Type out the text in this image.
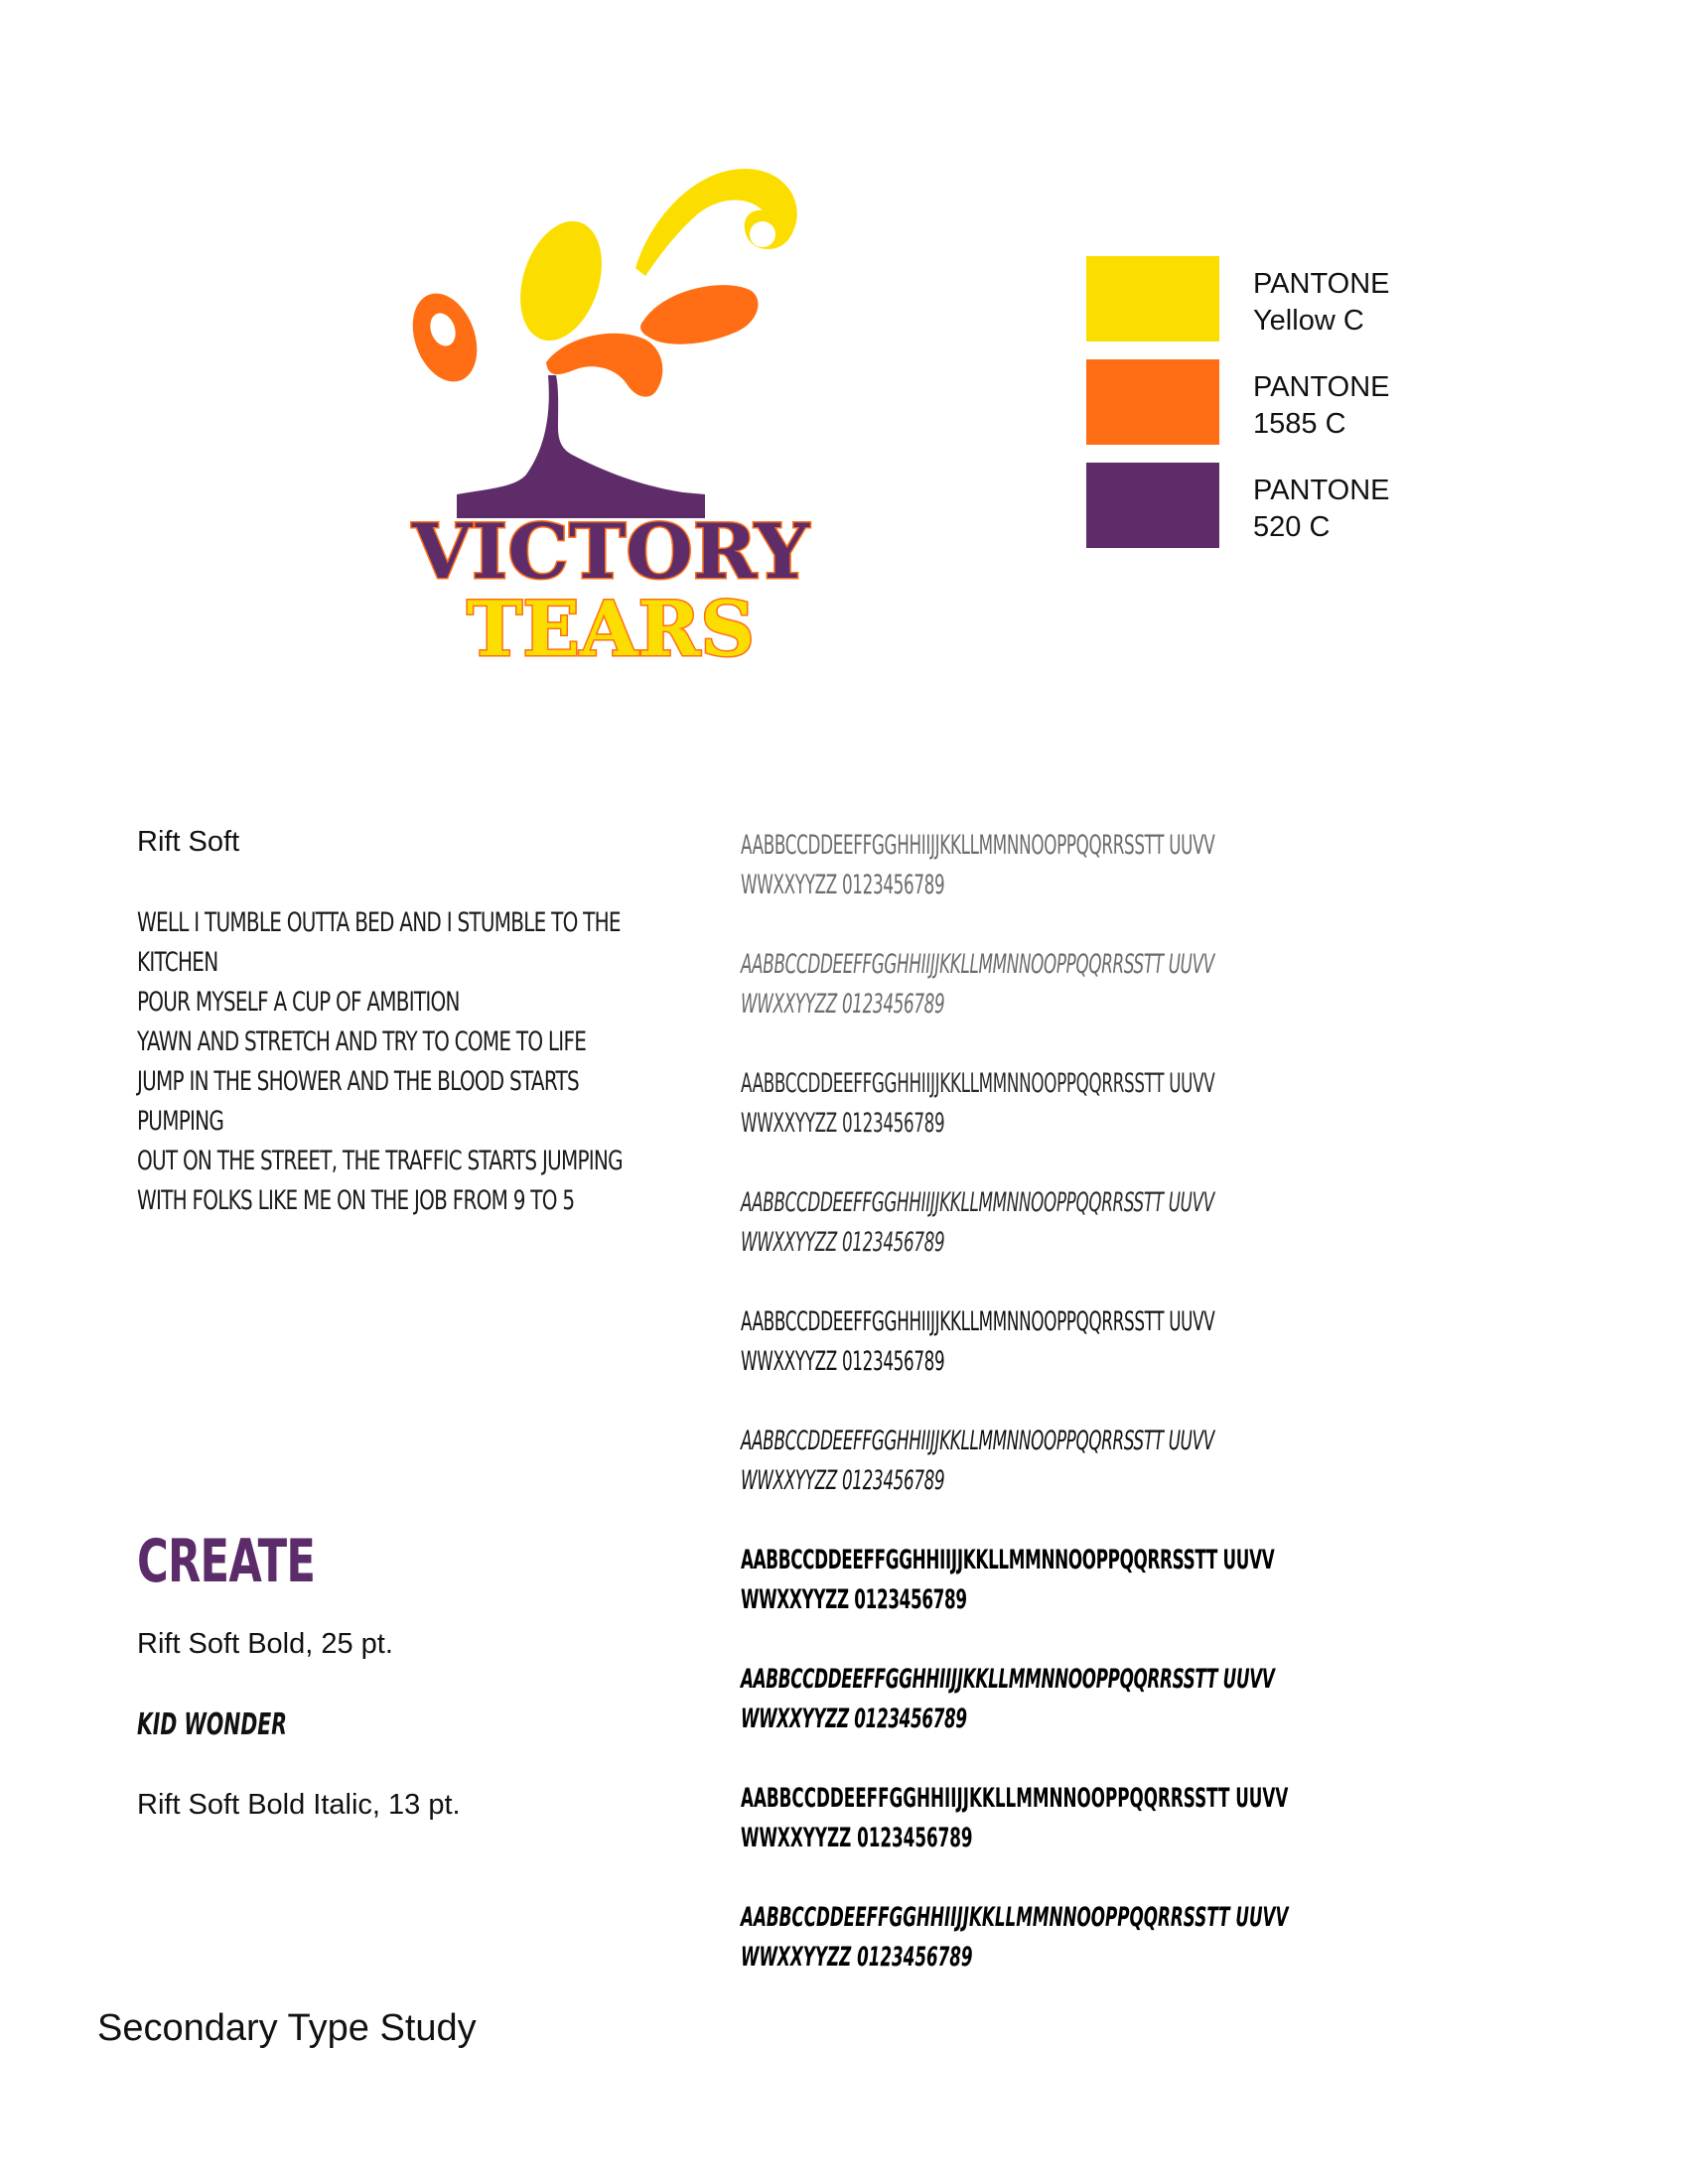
VICTORY
TEARS
PANTONE
Yellow C
PANTONE
1585 C
PANTONE
520 C
Rift Soft
WELL I TUMBLE OUTTA BED AND I STUMBLE TO THE
KITCHEN
POUR MYSELF A CUP OF AMBITION
YAWN AND STRETCH AND TRY TO COME TO LIFE
JUMP IN THE SHOWER AND THE BLOOD STARTS
PUMPING
OUT ON THE STREET, THE TRAFFIC STARTS JUMPING
WITH FOLKS LIKE ME ON THE JOB FROM 9 TO 5
AABBCCDDEEFFGGHHIIJJKKLLMMNNOOPPQQRRSSTT UUVV
WWXXYYZZ 0123456789
AABBCCDDEEFFGGHHIIJJKKLLMMNNOOPPQQRRSSTT UUVV
WWXXYYZZ 0123456789
AABBCCDDEEFFGGHHIIJJKKLLMMNNOOPPQQRRSSTT UUVV
WWXXYYZZ 0123456789
AABBCCDDEEFFGGHHIIJJKKLLMMNNOOPPQQRRSSTT UUVV
WWXXYYZZ 0123456789
AABBCCDDEEFFGGHHIIJJKKLLMMNNOOPPQQRRSSTT UUVV
WWXXYYZZ 0123456789
AABBCCDDEEFFGGHHIIJJKKLLMMNNOOPPQQRRSSTT UUVV
WWXXYYZZ 0123456789
AABBCCDDEEFFGGHHIIJJKKLLMMNNOOPPQQRRSSTT UUVV
WWXXYYZZ 0123456789
AABBCCDDEEFFGGHHIIJJKKLLMMNNOOPPQQRRSSTT UUVV
WWXXYYZZ 0123456789
AABBCCDDEEFFGGHHIIJJKKLLMMNNOOPPQQRRSSTT UUVV
WWXXYYZZ 0123456789
AABBCCDDEEFFGGHHIIJJKKLLMMNNOOPPQQRRSSTT UUVV
WWXXYYZZ 0123456789
CREATE
Rift Soft Bold, 25 pt.
KID WONDER
Rift Soft Bold Italic, 13 pt.
Secondary Type Study
